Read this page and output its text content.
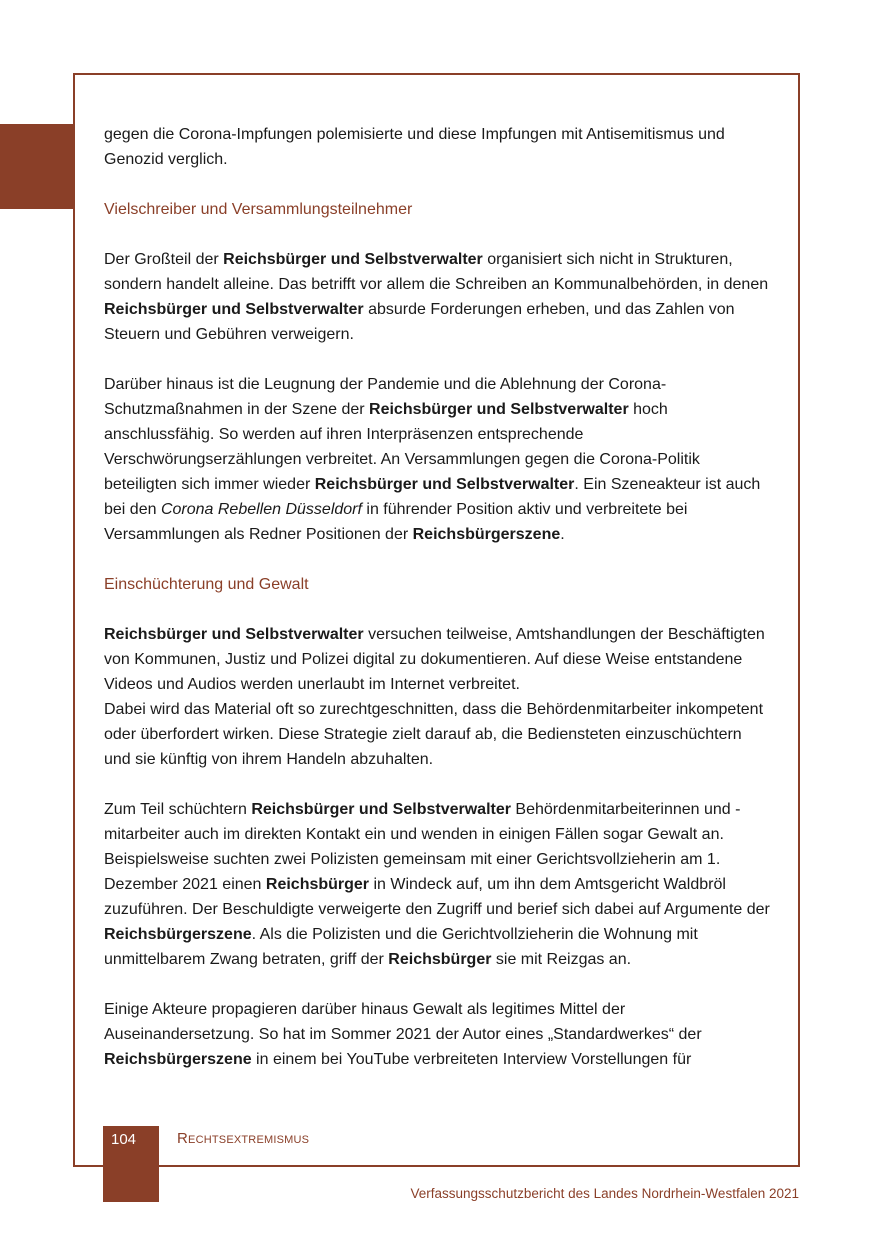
gegen die Corona-Impfungen polemisierte und diese Impfungen mit Antisemitismus und Genozid verglich.

Vielschreiber und Versammlungsteilnehmer

Der Großteil der Reichsbürger und Selbstverwalter organisiert sich nicht in Strukturen, sondern handelt alleine. Das betrifft vor allem die Schreiben an Kommunalbehörden, in denen Reichsbürger und Selbstverwalter absurde Forderungen erheben, und das Zahlen von Steuern und Gebühren verweigern.

Darüber hinaus ist die Leugnung der Pandemie und die Ablehnung der Corona-Schutzmaßnahmen in der Szene der Reichsbürger und Selbstverwalter hoch anschlussfähig. So werden auf ihren Interpräsenzen entsprechende Verschwörungserzählungen verbreitet. An Versammlungen gegen die Corona-Politik beteiligten sich immer wieder Reichsbürger und Selbstverwalter. Ein Szeneakteur ist auch bei den Corona Rebellen Düsseldorf in führender Position aktiv und verbreitete bei Versammlungen als Redner Positionen der Reichsbürgerszene.

Einschüchterung und Gewalt

Reichsbürger und Selbstverwalter versuchen teilweise, Amtshandlungen der Beschäftigten von Kommunen, Justiz und Polizei digital zu dokumentieren. Auf diese Weise entstandene Videos und Audios werden unerlaubt im Internet verbreitet.

Dabei wird das Material oft so zurechtgeschnitten, dass die Behördenmitarbeiter inkompetent oder überfordert wirken. Diese Strategie zielt darauf ab, die Bediensteten einzuschüchtern und sie künftig von ihrem Handeln abzuhalten.

Zum Teil schüchtern Reichsbürger und Selbstverwalter Behördenmitarbeiterinnen und -mitarbeiter auch im direkten Kontakt ein und wenden in einigen Fällen sogar Gewalt an. Beispielsweise suchten zwei Polizisten gemeinsam mit einer Gerichtsvollzieherin am 1. Dezember 2021 einen Reichsbürger in Windeck auf, um ihn dem Amtsgericht Waldbröl zuzuführen. Der Beschuldigte verweigerte den Zugriff und berief sich dabei auf Argumente der Reichsbürgerszene. Als die Polizisten und die Gerichtvollzieherin die Wohnung mit unmittelbarem Zwang betraten, griff der Reichsbürger sie mit Reizgas an.

Einige Akteure propagieren darüber hinaus Gewalt als legitimes Mittel der Auseinandersetzung. So hat im Sommer 2021 der Autor eines „Standardwerkes“ der Reichsbürgerszene in einem bei YouTube verbreiteten Interview Vorstellungen für

104	Rechtsextremismus
Verfassungsschutzbericht des Landes Nordrhein-Westfalen 2021
